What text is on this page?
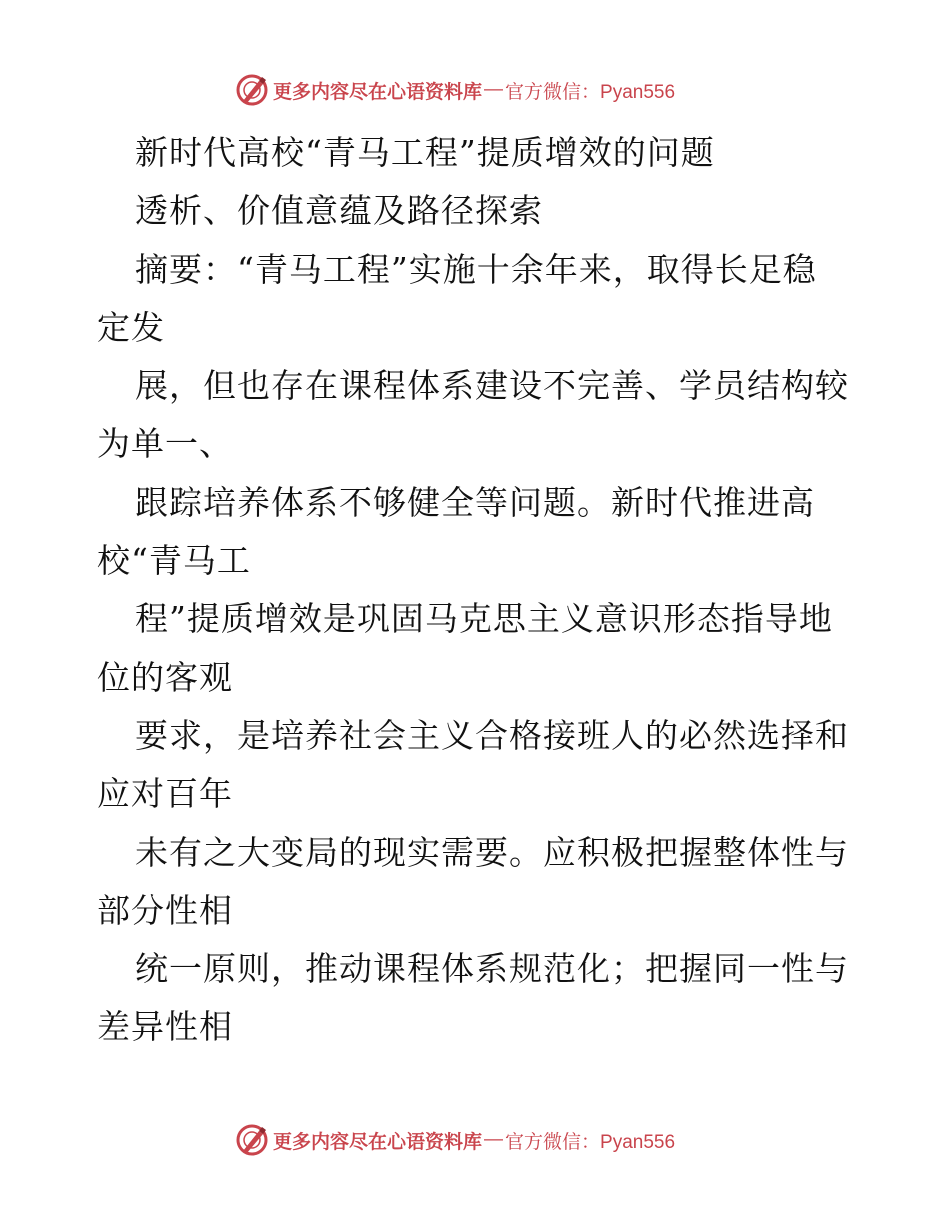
更多内容尽在心语资料库 — 官方微信：Pyan556
新时代高校“青马工程”提质增效的问题
透析、价值意蕴及路径探索
摘要：“青马工程”实施十余年来，取得长足稳
定发
展，但也存在课程体系建设不完善、学员结构较
为单一、
跟踪培养体系不够健全等问题。新时代推进高
校“青马工
程”提质增效是巩固马克思主义意识形态指导地
位的客观
要求，是培养社会主义合格接班人的必然选择和
应对百年
未有之大变局的现实需要。应积极把握整体性与
部分性相
统一原则，推动课程体系规范化；把握同一性与
差异性相
更多内容尽在心语资料库 — 官方微信：Pyan556
